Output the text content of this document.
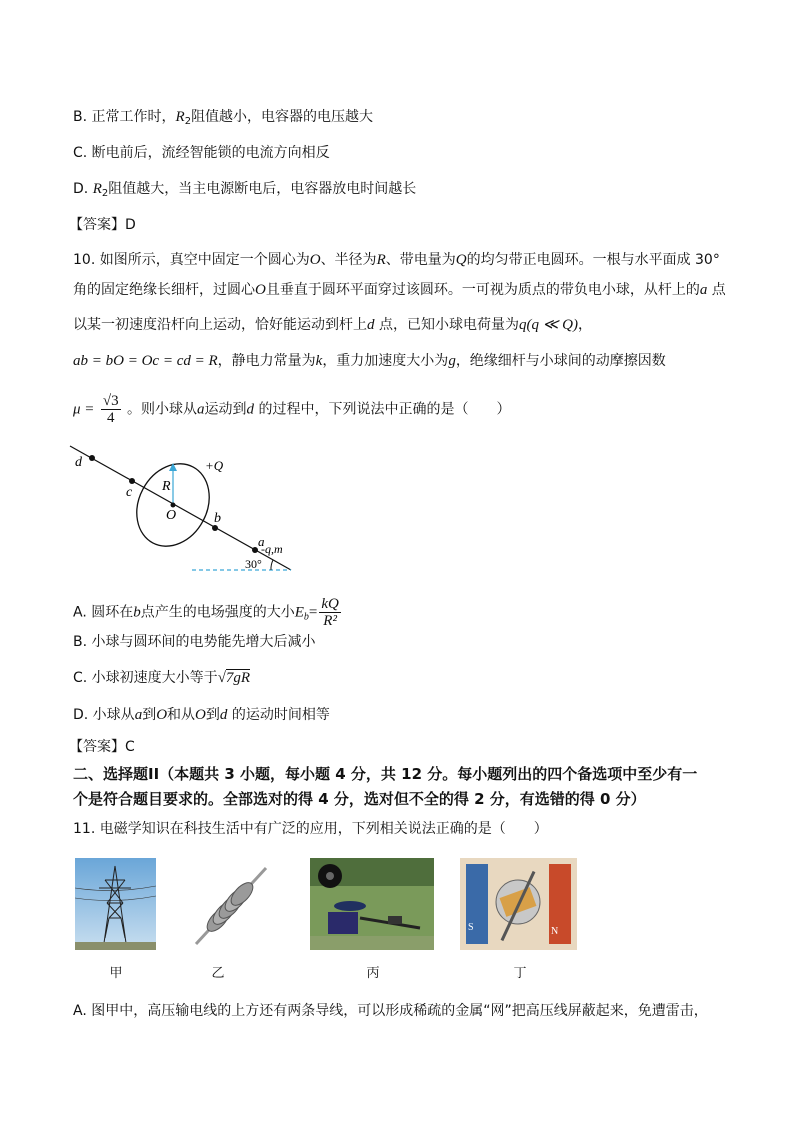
B. 正常工作时，$R_2$阻值越小，电容器的电压越大
C. 断电前后，流经智能锁的电流方向相反
D. $R_2$阻值越大，当主电源断电后，电容器放电时间越长
【答案】D
10. 如图所示，真空中固定一个圆心为O、半径为R、带电量为Q的均匀带正电圆环。一根与水平面成 30°
角的固定绝缘长细杆，过圆心O且垂直于圆环平面穿过该圆环。一可视为质点的带负电小球，从杆上的a 点
以某一初速度沿杆向上运动，恰好能运动到杆上d 点，已知小球电荷量为q(q ≪ Q)，
ab = bO = Oc = cd = R，静电力常量为k，重力加速度大小为g，绝缘细杆与小球间的动摩擦因数
$\mu = \frac{√3}{4}$ 。则小球从a运动到d 的过程中，下列说法中正确的是（　　）
d
c R
+Q
O	b
a
-q,m
30°
A. 圆环在b点产生的电场强度的大小$E_b= \frac{kQ}{\text{R²}}$
B. 小球与圆环间的电势能先增大后减小
C. 小球初速度大小等于√7gR
D. 小球从a到O和从O到d 的运动时间相等
【答案】C
二、选择题II（本题共 3 小题，每小题 4 分，共 12 分。每小题列出的四个备选项中至少有一
个是符合题目要求的。全部选对的得 4 分，选对但不全的得 2 分，有选错的得 0 分）
11. 电磁学知识在科技生活中有广泛的应用，下列相关说法正确的是（　　）
S	N
甲	乙	丙	丁
A. 图甲中，高压输电线的上方还有两条导线，可以形成稀疏的金属“网”把高压线屏蔽起来，免遭雷击，
